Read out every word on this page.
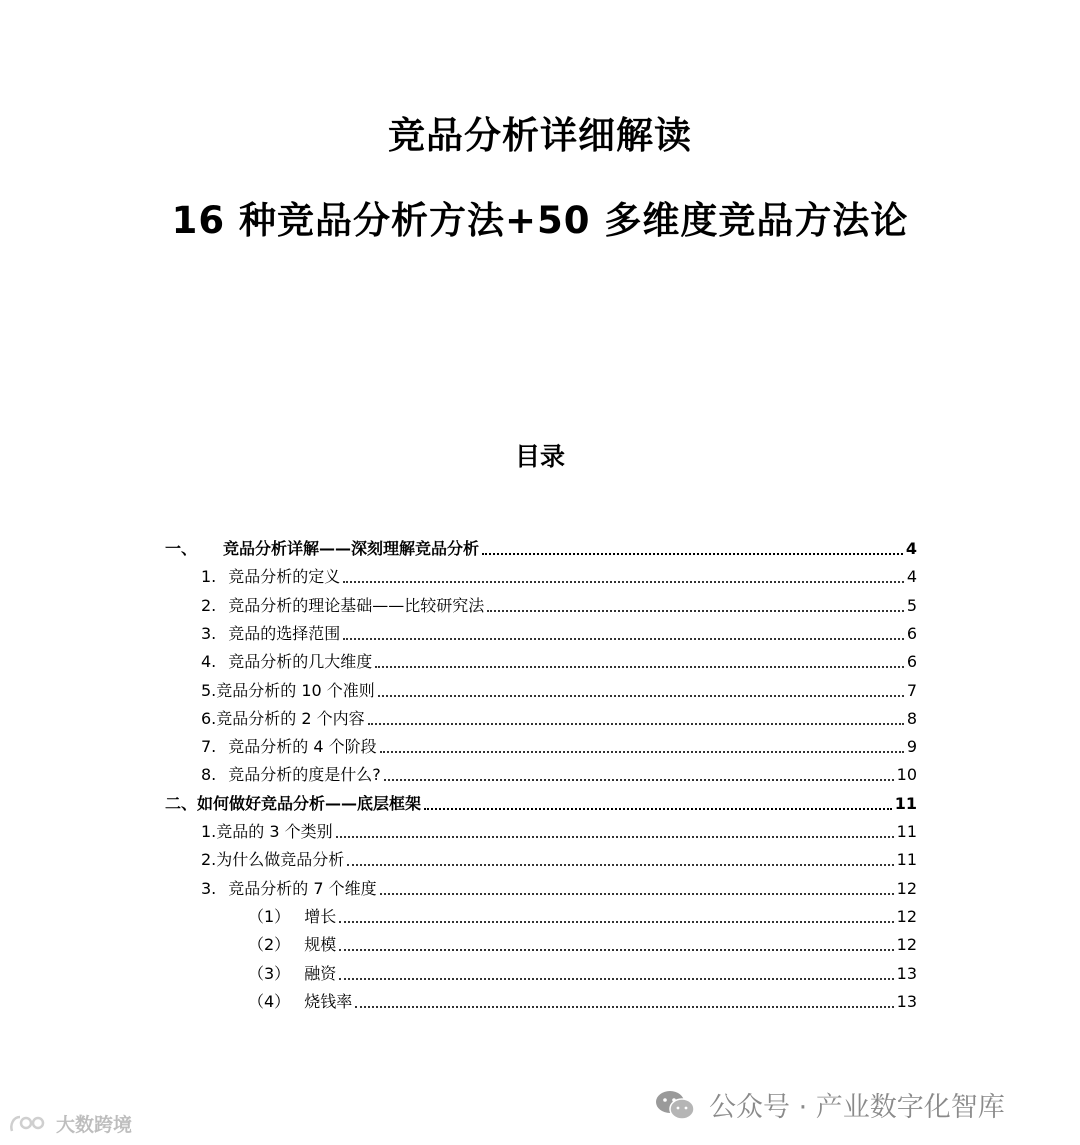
竞品分析详细解读
16 种竞品分析方法+50 多维度竞品方法论
目录
一、 竞品分析详解——深刻理解竞品分析	4
1. 竞品分析的定义	4
2. 竞品分析的理论基础——比较研究法	5
3. 竞品的选择范围	6
4. 竞品分析的几大维度	6
5.竞品分析的 10 个准则	7
6.竞品分析的 2 个内容	8
7. 竞品分析的 4 个阶段	9
8. 竞品分析的度是什么?	10
二、如何做好竞品分析——底层框架	11
1.竞品的 3 个类别	11
2.为什么做竞品分析	11
3. 竞品分析的 7 个维度	12
（1） 增长	12
（2） 规模	12
（3） 融资	13
（4） 烧钱率	13
公众号 · 产业数字化智库
大数跨境
